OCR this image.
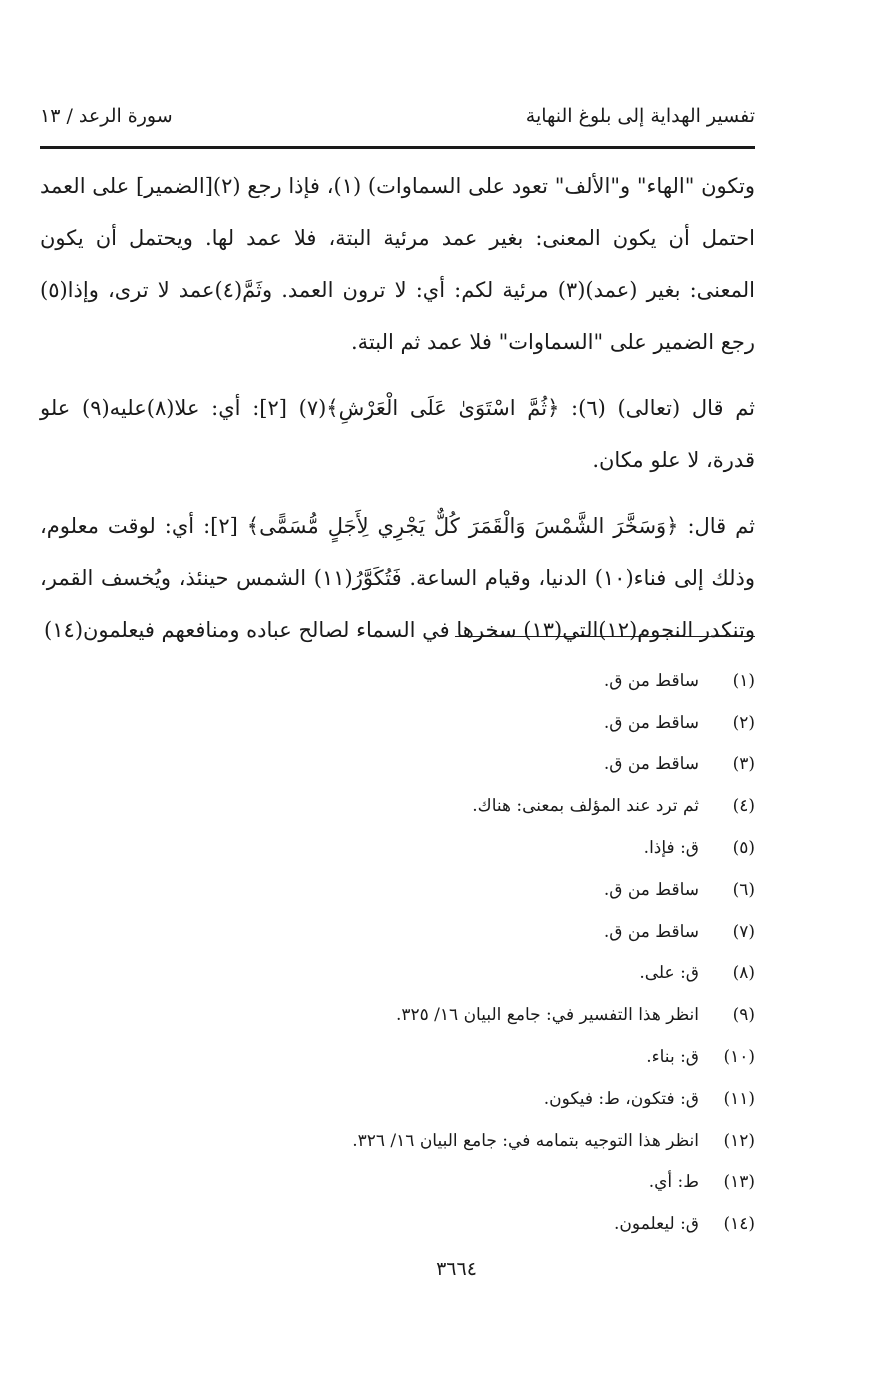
تفسير الهداية إلى بلوغ النهاية
سورة الرعد / ١٣

وتكون "الهاء" و"الألف" تعود على السماوات) (١)، فإذا رجع (٢)[الضمير] على العمد احتمل أن يكون المعنى: بغير عمد مرئية البتة، فلا عمد لها. ويحتمل أن يكون المعنى: بغير (عمد)(٣) مرئية لكم: أي: لا ترون العمد. وثَمَّ(٤)عمد لا ترى، وإذا(٥) رجع الضمير على "السماوات" فلا عمد ثم البتة.

ثم قال (تعالى) (٦): ﴿ثُمَّ اسْتَوَىٰ عَلَى الْعَرْشِ﴾(٧) [٢]: أي: علا(٨)عليه(٩) علو قدرة، لا علو مكان.

ثم قال: ﴿وَسَخَّرَ الشَّمْسَ وَالْقَمَرَ كُلٌّ يَجْرِي لِأَجَلٍ مُّسَمًّى﴾ [٢]: أي: لوقت معلوم، وذلك إلى فناء(١٠) الدنيا، وقيام الساعة. فَتُكَوَّرُ(١١) الشمس حينئذ، ويُخسف القمر، وتنكدر النجوم(١٢)التي(١٣) سخرها في السماء لصالح عباده ومنافعهم فيعلمون(١٤)

(١)
ساقط من ق.
(٢)
ساقط من ق.
(٣)
ساقط من ق.
(٤)
ثم ترد عند المؤلف بمعنى: هناك.
(٥)
ق: فإذا.
(٦)
ساقط من ق.
(٧)
ساقط من ق.
(٨)
ق: على.
(٩)
انظر هذا التفسير في: جامع البيان ١٦/ ٣٢٥.
(١٠)
ق: بناء.
(١١)
ق: فتكون، ط: فيكون.
(١٢)
انظر هذا التوجيه بتمامه في: جامع البيان ١٦/ ٣٢٦.
(١٣)
ط: أي.
(١٤)
ق: ليعلمون.
٣٦٦٤
